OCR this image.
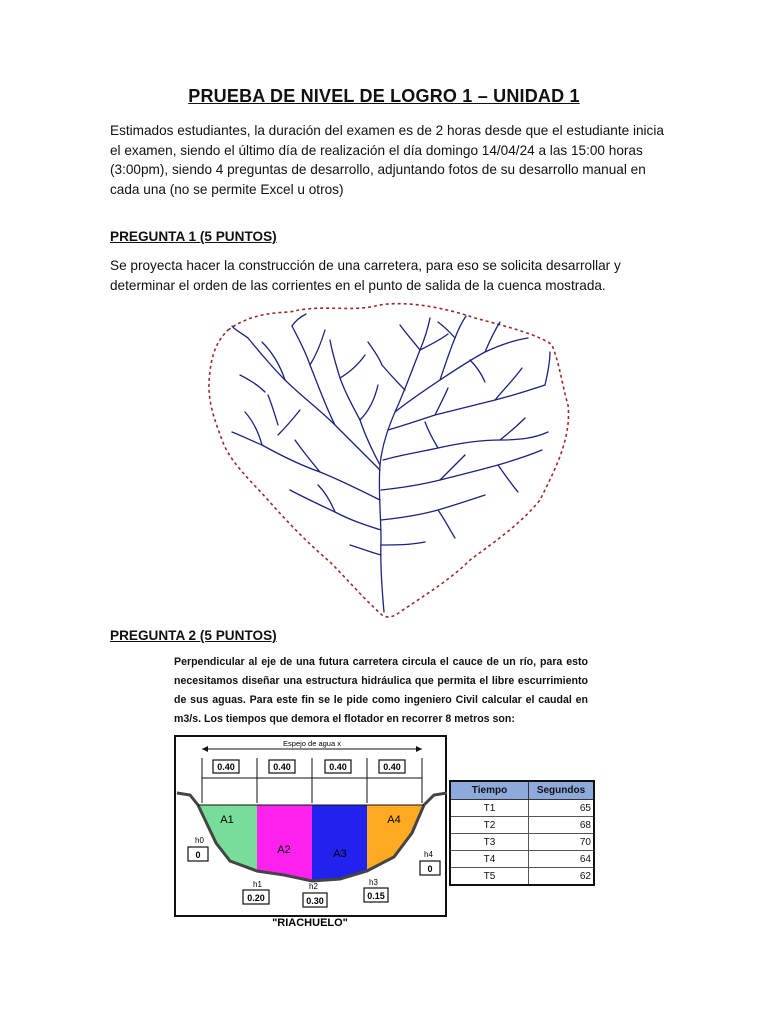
PRUEBA DE NIVEL DE LOGRO 1 – UNIDAD 1
Estimados estudiantes, la duración del examen es de 2 horas desde que el estudiante inicia el examen, siendo el último día de realización el día domingo 14/04/24 a las 15:00 horas (3:00pm), siendo 4 preguntas de desarrollo, adjuntando fotos de su desarrollo manual en cada una (no se permite Excel u otros)
PREGUNTA 1 (5 PUNTOS)
Se proyecta hacer la construcción de una carretera, para eso se solicita desarrollar y determinar el orden de las corrientes en el punto de salida de la cuenca mostrada.
PREGUNTA 2 (5 PUNTOS)
Perpendicular al eje de una futura carretera circula el cauce de un río, para esto necesitamos diseñar una estructura hidráulica que permita el libre escurrimiento de sus aguas. Para este fin se le pide como ingeniero Civil calcular el caudal en m3/s. Los tiempos que demora el flotador en recorrer 8 metros son:
Espejo de agua x
0.40	0.40	0.40	0.40
A1
A2	A3
A4
h0
0
h1
0.20
h2
0.30
h3
0.15
h4
0
"RIACHUELO"
Tiempo	Segundos
T1	65
T2	68
T3	70
T4	64
T5	62
